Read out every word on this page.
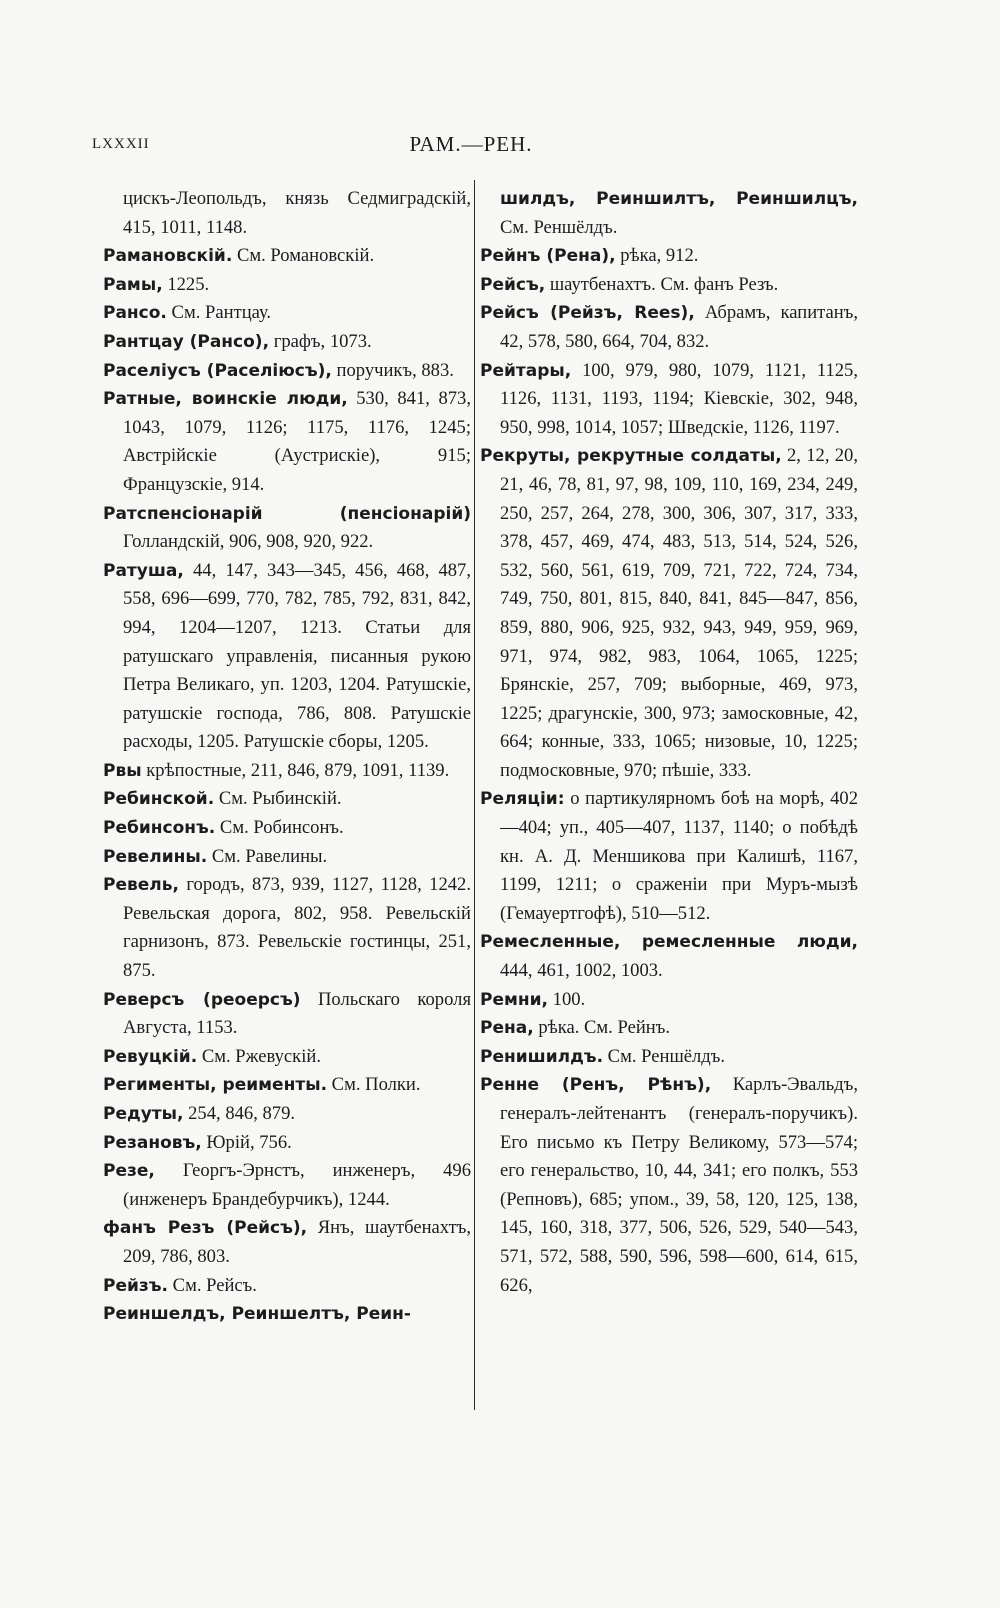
LXXXII	РАМ.—РЕН.

цискъ-Леопольдъ, князь Седмиградскій, 415, 1011, 1148.

Рамановскій. См. Романовскій.

Рамы, 1225.

Рансо. См. Рантцау.

Рантцау (Рансо), графъ, 1073.

Раселіусъ (Раселіюсъ), поручикъ, 883.

Ратные, воинскіе люди, 530, 841, 873, 1043, 1079, 1126; 1175, 1176, 1245; Австрійскіе (Аустрискіе), 915; Французскіе, 914.

Ратспенсіонарій (пенсіонарій) Голландскій, 906, 908, 920, 922.

Ратуша, 44, 147, 343—345, 456, 468, 487, 558, 696—699, 770, 782, 785, 792, 831, 842, 994, 1204—1207, 1213. Статьи для ратушскаго управленія, писанныя рукою Петра Великаго, уп. 1203, 1204. Ратушскіе, ратушскіе господа, 786, 808. Ратушскіе расходы, 1205. Ратушскіе сборы, 1205.

Рвы крѣпостные, 211, 846, 879, 1091, 1139.

Ребинской. См. Рыбинскій.

Ребинсонъ. См. Робинсонъ.

Ревелины. См. Равелины.

Ревель, городъ, 873, 939, 1127, 1128, 1242. Ревельская дорога, 802, 958. Ревельскій гарнизонъ, 873. Ревельскіе гостинцы, 251, 875.

Реверсъ (реоерсъ) Польскаго короля Августа, 1153.

Ревуцкій. См. Ржевускій.

Регименты, реименты. См. Полки.

Редуты, 254, 846, 879.

Резановъ, Юрій, 756.

Резе, Георгъ-Эрнстъ, инженеръ, 496 (инженеръ Брандебурчикъ), 1244.

фанъ Резъ (Рейсъ), Янъ, шаутбенахтъ, 209, 786, 803.

Рейзъ. См. Рейсъ.

Реиншелдъ, Реиншелтъ, Реин-

шилдъ, Реиншилтъ, Реиншилцъ, См. Реншёлдъ.

Рейнъ (Рена), рѣка, 912.

Рейсъ, шаутбенахтъ. См. фанъ Резъ.

Рейсъ (Рейзъ, Rees), Абрамъ, капитанъ, 42, 578, 580, 664, 704, 832.

Рейтары, 100, 979, 980, 1079, 1121, 1125, 1126, 1131, 1193, 1194; Кіевскіе, 302, 948, 950, 998, 1014, 1057; Шведскіе, 1126, 1197.

Рекруты, рекрутные солдаты, 2, 12, 20, 21, 46, 78, 81, 97, 98, 109, 110, 169, 234, 249, 250, 257, 264, 278, 300, 306, 307, 317, 333, 378, 457, 469, 474, 483, 513, 514, 524, 526, 532, 560, 561, 619, 709, 721, 722, 724, 734, 749, 750, 801, 815, 840, 841, 845—847, 856, 859, 880, 906, 925, 932, 943, 949, 959, 969, 971, 974, 982, 983, 1064, 1065, 1225; Брянскіе, 257, 709; выборные, 469, 973, 1225; драгунскіе, 300, 973; замосковные, 42, 664; конные, 333, 1065; низовые, 10, 1225; подмосковные, 970; пѣшіе, 333.

Реляціи: о партикулярномъ боѣ на морѣ, 402—404; уп., 405—407, 1137, 1140; о побѣдѣ кн. А. Д. Меншикова при Калишѣ, 1167, 1199, 1211; о сраженіи при Муръ-мызѣ (Гемауертгофѣ), 510—512.

Ремесленные, ремесленные люди, 444, 461, 1002, 1003.

Ремни, 100.

Рена, рѣка. См. Рейнъ.

Ренишилдъ. См. Реншёлдъ.

Ренне (Ренъ, Рѣнъ), Карлъ-Эвальдъ, генералъ-лейтенантъ (генералъ-поручикъ). Его письмо къ Петру Великому, 573—574; его генеральство, 10, 44, 341; его полкъ, 553 (Репновъ), 685; упом., 39, 58, 120, 125, 138, 145, 160, 318, 377, 506, 526, 529, 540—543, 571, 572, 588, 590, 596, 598—600, 614, 615, 626,
